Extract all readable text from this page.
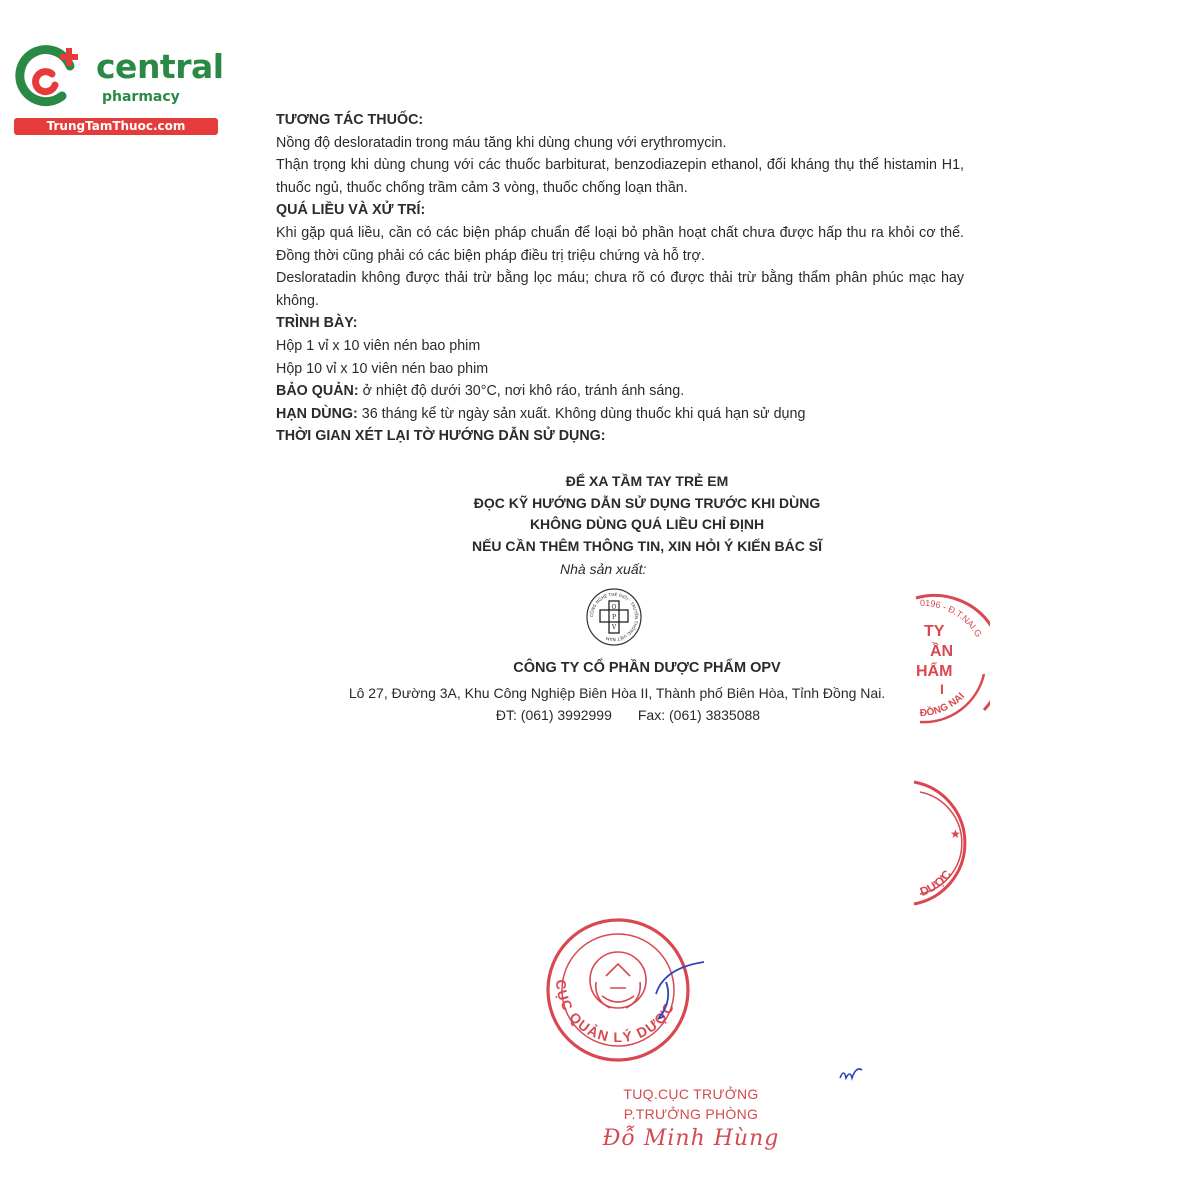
central
pharmacy
TrungTamThuoc.com	TƯƠNG TÁC THUỐC:

Nồng độ desloratadin trong máu tăng khi dùng chung với erythromycin.

Thận trọng khi dùng chung với các thuốc barbiturat, benzodiazepin ethanol, đối kháng thụ thể histamin H1, thuốc ngủ, thuốc chống trầm cảm 3 vòng, thuốc chống loạn thần.

QUÁ LIỀU VÀ XỬ TRÍ:

Khi gặp quá liều, cần có các biện pháp chuẩn để loại bỏ phần hoạt chất chưa được hấp thu ra khỏi cơ thể. Đồng thời cũng phải có các biện pháp điều trị triệu chứng và hỗ trợ.

Desloratadin không được thải trừ bằng lọc máu; chưa rõ có được thải trừ bằng thẩm phân phúc mạc hay không.

TRÌNH BÀY:

Hộp 1 vỉ x 10 viên nén bao phim

Hộp 10 vỉ x 10 viên nén bao phim

BẢO QUẢN: ở nhiệt độ dưới 30°C, nơi khô ráo, tránh ánh sáng.

HẠN DÙNG: 36 tháng kể từ ngày sản xuất. Không dùng thuốc khi quá hạn sử dụng

THỜI GIAN XÉT LẠI TỜ HƯỚNG DẪN SỬ DỤNG:

ĐỂ XA TẦM TAY TRẺ EM
ĐỌC KỸ HƯỚNG DẪN SỬ DỤNG TRƯỚC KHI DÙNG
KHÔNG DÙNG QUÁ LIỀU CHỈ ĐỊNH
NẾU CẦN THÊM THÔNG TIN, XIN HỎI Ý KIẾN BÁC SĨ
Nhà sản xuất:
CÔNG NGHỆ THẾ GIỚI · TRUYỀN THỐNG VIỆT NAM
O
P
V
CÔNG TY CỔ PHẦN DƯỢC PHẨM OPV
Lô 27, Đường 3A, Khu Công Nghiệp Biên Hòa II, Thành phố Biên Hòa, Tỉnh Đồng Nai.
ĐT: (061) 3992999 Fax: (061) 3835088
0196 - Đ.T.NAI.G
ĐỒNG NAI
TY
ẦN
HẨM
I
DƯỢC
★
CỤC QUẢN LÝ DƯỢC
TUQ.CỤC TRƯỞNG
P.TRƯỞNG PHÒNG
Đỗ Minh Hùng
